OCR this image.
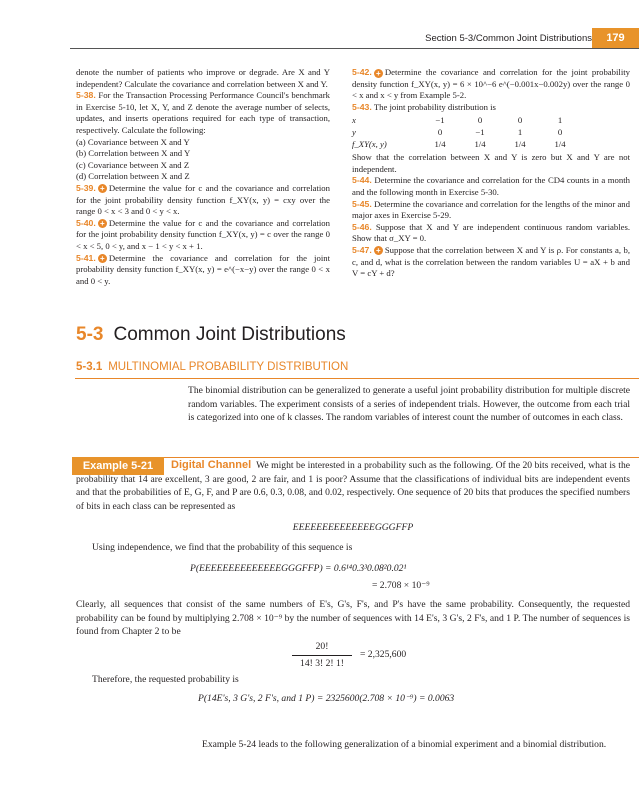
Section 5-3/Common Joint Distributions	179

denote the number of patients who improve or degrade. Are X and Y independent? Calculate the covariance and correlation between X and Y.

5-38. For the Transaction Processing Performance Council's benchmark in Exercise 5-10, let X, Y, and Z denote the average number of selects, updates, and inserts operations required for each type of transaction, respectively. Calculate the following:

(a) Covariance between X and Y

(b) Correlation between X and Y

(c) Covariance between X and Z

(d) Correlation between X and Z

5-39. + Determine the value for c and the covariance and correlation for the joint probability density function f_XY(x, y) = cxy over the range 0 < x < 3 and 0 < y < x.

5-40. + Determine the value for c and the covariance and correlation for the joint probability density function f_XY(x, y) = c over the range 0 < x < 5, 0 < y, and x − 1 < y < x + 1.

5-41. + Determine the covariance and correlation for the joint probability density function f_XY(x, y) = e^(−x−y) over the range 0 < x and 0 < y.

5-42. + Determine the covariance and correlation for the joint probability density function f_XY(x, y) = 6 × 10^−6 e^(−0.001x−0.002y) over the range 0 < x and x < y from Example 5-2.

5-43. The joint probability distribution is

x	−1	0	0	1
y	0	−1	1	0
f_XY(x, y)	1/4	1/4	1/4	1/4

Show that the correlation between X and Y is zero but X and Y are not independent.

5-44. Determine the covariance and correlation for the CD4 counts in a month and the following month in Exercise 5-30.

5-45. Determine the covariance and correlation for the lengths of the minor and major axes in Exercise 5-29.

5-46. Suppose that X and Y are independent continuous random variables. Show that σ_XY = 0.

5-47. + Suppose that the correlation between X and Y is ρ. For constants a, b, c, and d, what is the correlation between the random variables U = aX + b and V = cY + d?

5-3 Common Joint Distributions
5-3.1 MULTINOMIAL PROBABILITY DISTRIBUTION
The binomial distribution can be generalized to generate a useful joint probability distribution for multiple discrete random variables. The experiment consists of a series of independent trials. However, the outcome from each trial is categorized into one of k classes. The random variables of interest count the number of outcomes in each class.
Example 5-21	Digital Channel We might be interested in a probability such as the following. Of the 20 bits received, what is the probability that 14 are excellent, 3 are good, 2 are fair, and 1 is poor? Assume that the classifications of individual bits are independent events and that the probabilities of E, G, F, and P are 0.6, 0.3, 0.08, and 0.02, respectively. One sequence of 20 bits that produces the specified numbers of bits in each class can be represented as
EEEEEEEEEEEEEEGGGFFP
Using independence, we find that the probability of this sequence is
P(EEEEEEEEEEEEEEGGGFFP) = 0.6¹⁴0.3³0.08²0.02¹
= 2.708 × 10⁻⁹
Clearly, all sequences that consist of the same numbers of E's, G's, F's, and P's have the same probability. Consequently, the requested probability can be found by multiplying 2.708 × 10⁻⁹ by the number of sequences with 14 E's, 3 G's, 2 F's, and 1 P. The number of sequences is found from Chapter 2 to be
20!
14! 3! 2! 1!
= 2,325,600
Therefore, the requested probability is
P(14E's, 3 G's, 2 F's, and 1 P) = 2325600(2.708 × 10⁻⁹) = 0.0063
Example 5-24 leads to the following generalization of a binomial experiment and a binomial distribution.
